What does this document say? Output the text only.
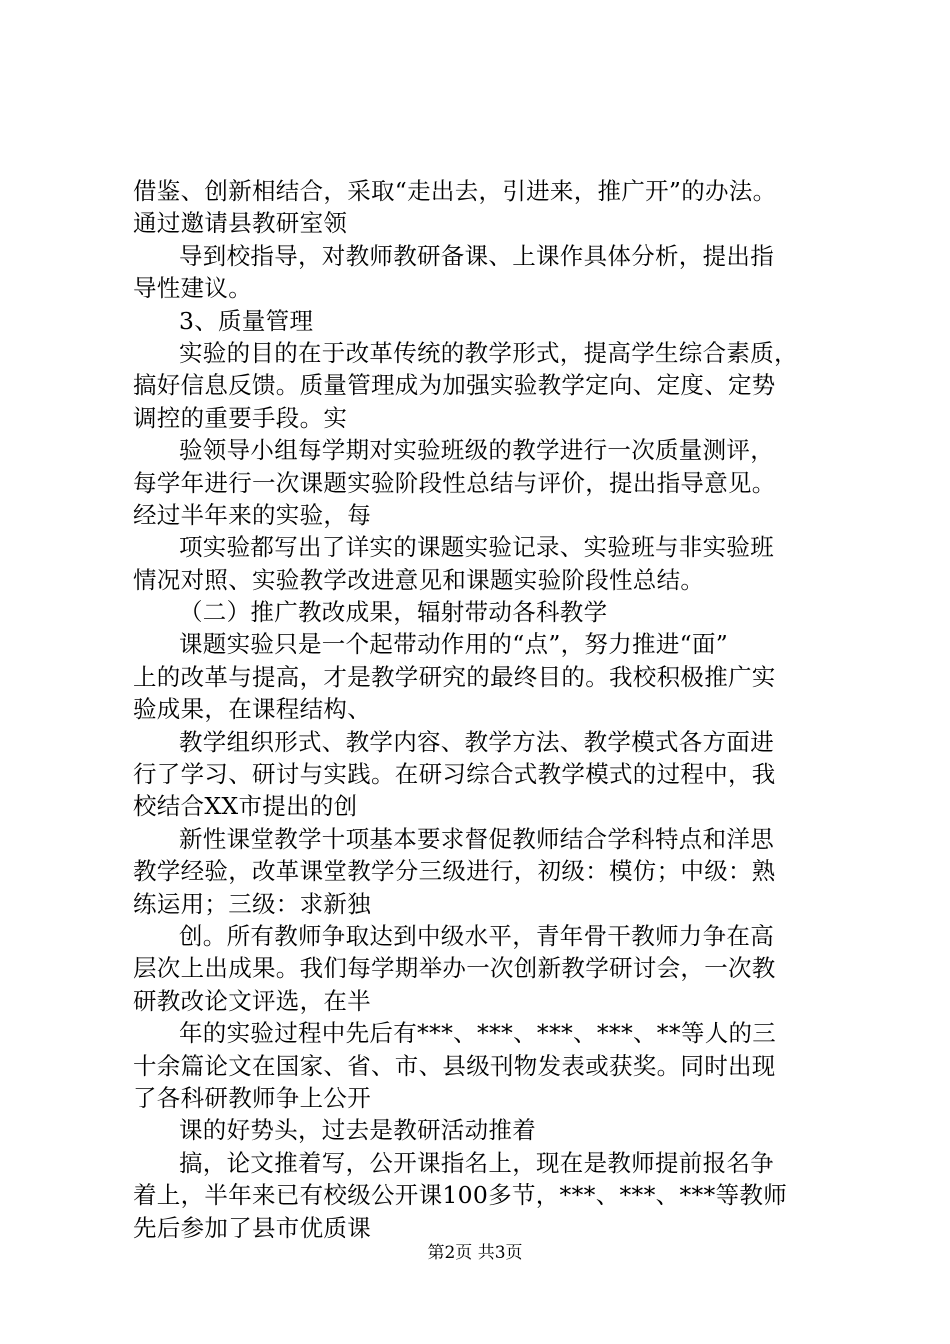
借鉴、创新相结合，采取“走出去，引进来，推广开”的办法。
通过邀请县教研室领
导到校指导，对教师教研备课、上课作具体分析，提出指
导性建议。
3、质量管理
实验的目的在于改革传统的教学形式，提高学生综合素质，
搞好信息反馈。质量管理成为加强实验教学定向、定度、定势
调控的重要手段。实
验领导小组每学期对实验班级的教学进行一次质量测评，
每学年进行一次课题实验阶段性总结与评价，提出指导意见。
经过半年来的实验，每
项实验都写出了详实的课题实验记录、实验班与非实验班
情况对照、实验教学改进意见和课题实验阶段性总结。
（二）推广教改成果，辐射带动各科教学
课题实验只是一个起带动作用的“点”，努力推进“面”
上的改革与提高，才是教学研究的最终目的。我校积极推广实
验成果，在课程结构、
教学组织形式、教学内容、教学方法、教学模式各方面进
行了学习、研讨与实践。在研习综合式教学模式的过程中，我
校结合XX市提出的创
新性课堂教学十项基本要求督促教师结合学科特点和洋思
教学经验，改革课堂教学分三级进行，初级：模仿；中级：熟
练运用；三级：求新独
创。所有教师争取达到中级水平，青年骨干教师力争在高
层次上出成果。我们每学期举办一次创新教学研讨会，一次教
研教改论文评选，在半
年的实验过程中先后有***、***、***、***、**等人的三
十余篇论文在国家、省、市、县级刊物发表或获奖。同时出现
了各科研教师争上公开
课的好势头，过去是教研活动推着
搞，论文推着写，公开课指名上，现在是教师提前报名争
着上，半年来已有校级公开课100多节，***、***、***等教师
先后参加了县市优质课
第2页 共3页
